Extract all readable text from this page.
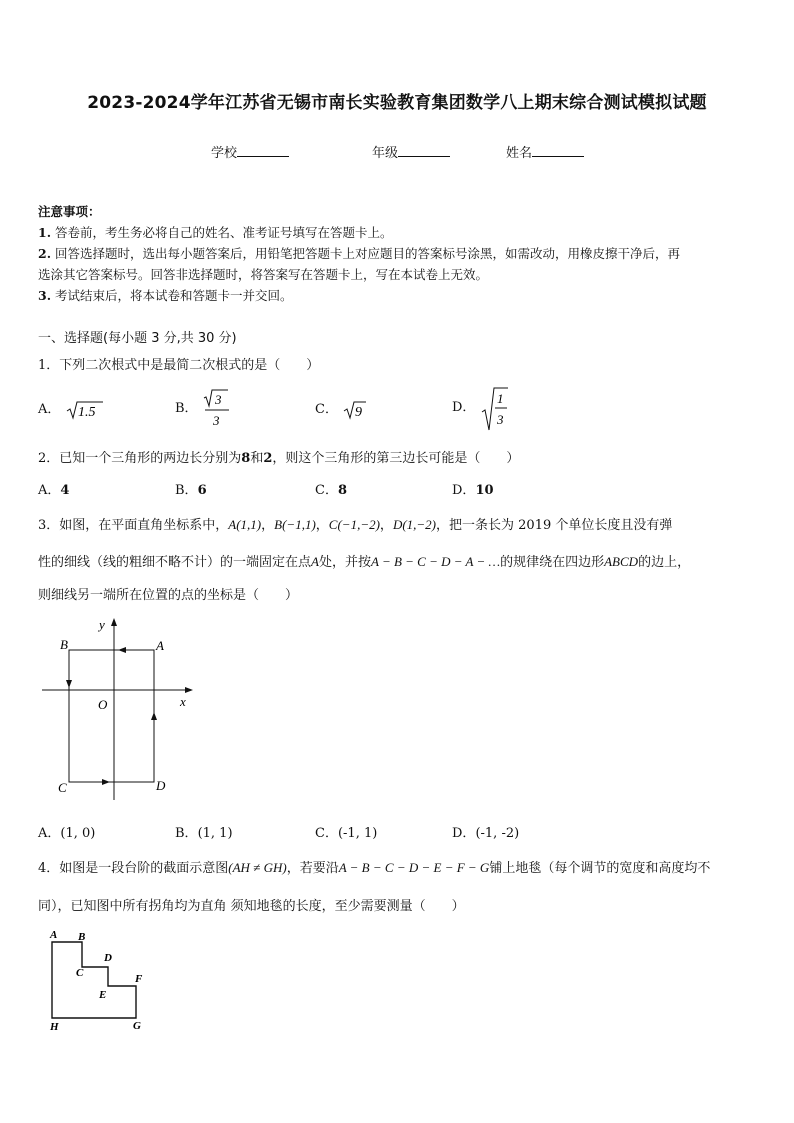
2023-2024学年江苏省无锡市南长实验教育集团数学八上期末综合测试模拟试题
学校	年级	姓名
注意事项：
1. 答卷前，考生务必将自己的姓名、准考证号填写在答题卡上。
2. 回答选择题时，选出每小题答案后，用铅笔把答题卡上对应题目的答案标号涂黑，如需改动，用橡皮擦干净后，再
选涂其它答案标号。回答非选择题时，将答案写在答题卡上，写在本试卷上无效。
3. 考试结束后，将本试卷和答题卡一并交回。
一、选择题(每小题 3 分,共 30 分)
1．下列二次根式中是最简二次根式的是（　　）
A． 1.5	B．
3
3
C． 9	D．
1
3
2．已知一个三角形的两边长分别为8和2，则这个三角形的第三边长可能是（　　）
A．4	B．6	C．8	D．10
3．如图，在平面直角坐标系中，A(1,1)，B(−1,1)，C(−1,−2)，D(1,−2)，把一条长为 2019 个单位长度且没有弹
性的细线（线的粗细不略不计）的一端固定在点A处，并按A − B − C − D − A − …的规律绕在四边形ABCD的边上，
则细线另一端所在位置的点的坐标是（　　）
B	A
O	x
y
C	D
A．(1, 0)	B．(1, 1)	C．(-1, 1)	D．(-1, -2)
4．如图是一段台阶的截面示意图(AH ≠ GH)，若要沿A − B − C − D − E − F − G铺上地毯（每个调节的宽度和高度均不
同），已知图中所有拐角均为直角 须知地毯的长度，至少需要测量（　　）
A B
C
D
E
F
G
H
